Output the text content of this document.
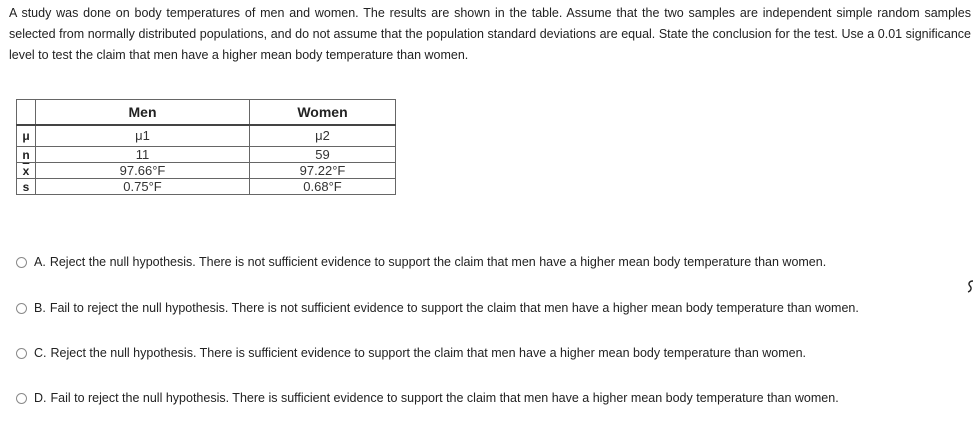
A study was done on body temperatures of men and women. The results are shown in the table. Assume that the two samples are independent simple random samples selected from normally distributed populations, and do not assume that the population standard deviations are equal. State the conclusion for the test. Use a 0.01 significance level to test the claim that men have a higher mean body temperature than women.

	Men	Women
μ	μ1	μ2
n	11	59
$\overline{x}$	97.66°F	97.22°F
s	0.75°F	0.68°F
A. Reject the null hypothesis. There is not sufficient evidence to support the claim that men have a higher mean body temperature than women.
B. Fail to reject the null hypothesis. There is not sufficient evidence to support the claim that men have a higher mean body temperature than women.
C. Reject the null hypothesis. There is sufficient evidence to support the claim that men have a higher mean body temperature than women.
D. Fail to reject the null hypothesis. There is sufficient evidence to support the claim that men have a higher mean body temperature than women.
